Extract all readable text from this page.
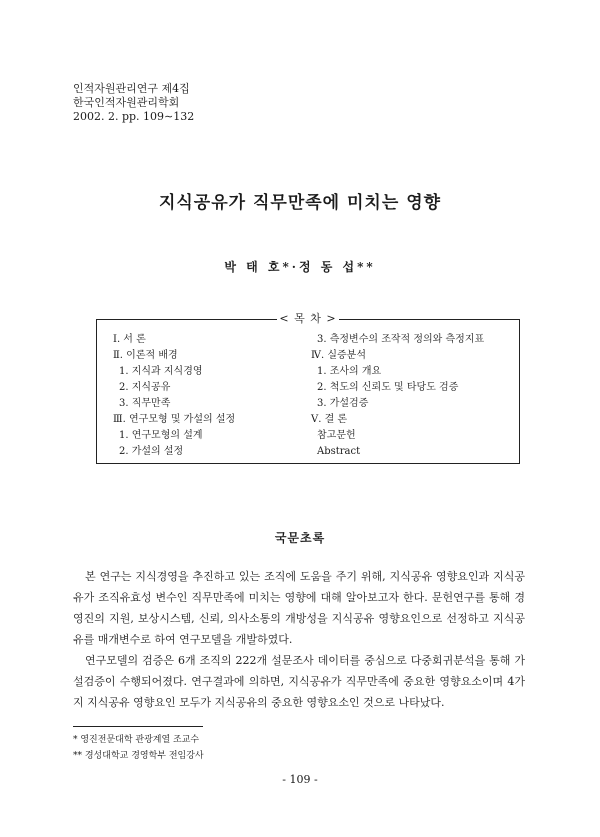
인적자원관리연구 제4집
한국인적자원관리학회
2002. 2. pp. 109∼132
지식공유가 직무만족에 미치는 영향
박 태 호*·정 동 섭**
< 목 차 >
Ⅰ. 서 론
Ⅱ. 이론적 배경
1. 지식과 지식경영
2. 지식공유
3. 직무만족
Ⅲ. 연구모형 및 가설의 설정
1. 연구모형의 설계
2. 가설의 설정
3. 측정변수의 조작적 정의와 측정지표
Ⅳ. 실증분석
1. 조사의 개요
2. 척도의 신뢰도 및 타당도 검증
3. 가설검증
Ⅴ. 결 론
참고문헌
Abstract
국문초록

본 연구는 지식경영을 추진하고 있는 조직에 도움을 주기 위해, 지식공유 영향요인과 지식공유가 조직유효성 변수인 직무만족에 미치는 영향에 대해 알아보고자 한다. 문헌연구를 통해 경영진의 지원, 보상시스템, 신뢰, 의사소통의 개방성을 지식공유 영향요인으로 선정하고 지식공유를 매개변수로 하여 연구모델을 개발하였다.

연구모델의 검증은 6개 조직의 222개 설문조사 데이터를 중심으로 다중회귀분석을 통해 가설검증이 수행되어졌다. 연구결과에 의하면, 지식공유가 직무만족에 중요한 영향요소이며 4가지 지식공유 영향요인 모두가 지식공유의 중요한 영향요소인 것으로 나타났다.

* 영진전문대학 관광계열 조교수
** 경성대학교 경영학부 전임강사
- 109 -
